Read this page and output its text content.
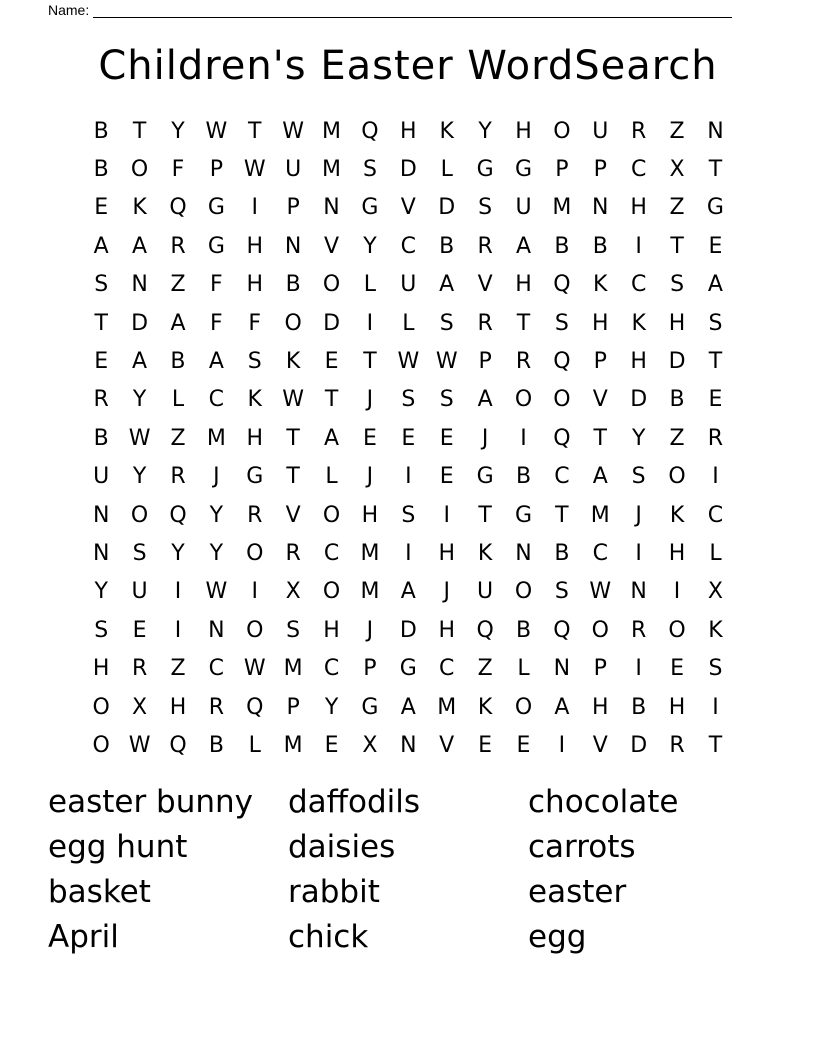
Name:
Children's Easter WordSearch
B	T	Y W T W M Q H	K	Y	H O U	R	Z	N
B	O	F	P W U M S	D	L	G G	P	P	C	X	T
E	K	Q G	I	P	N G	V	D	S	U M N H	Z	G
A	A	R	G H N	V	Y	C	B	R	A	B	B	I	T	E
S	N	Z	F	H	B	O	L	U	A	V	H Q	K	C	S	A
T	D	A	F	F	O D	I	L	S	R	T	S	H	K	H	S
E	A	B	A	S	K	E	T W W P	R	Q	P	H D	T
R	Y	L	C	K W T	J	S	S	A	O O	V	D	B	E
B W Z M H	T	A	E	E	E	J	I	Q	T	Y	Z	R
U	Y	R	J	G	T	L	J	I	E	G	B	C	A	S	O	I
N O Q	Y	R	V	O H	S	I	T	G	T	M	J	K	C
N	S	Y	Y	O	R	C M	I	H	K	N	B	C	I	H	L
Y	U	I	W	I	X	O M A	J	U O	S W N	I	X
S	E	I	N O	S	H	J	D H Q	B	Q O	R	O	K
H	R	Z	C W M C	P	G	C	Z	L	N	P	I	E	S
O	X	H	R	Q	P	Y	G	A M K	O	A	H	B	H	I
O W Q	B	L	M E	X	N	V	E	E	I	V	D	R	T
easter bunny	daffodils	chocolate
egg hunt	daisies	carrots
basket	rabbit	easter
April	chick	egg
